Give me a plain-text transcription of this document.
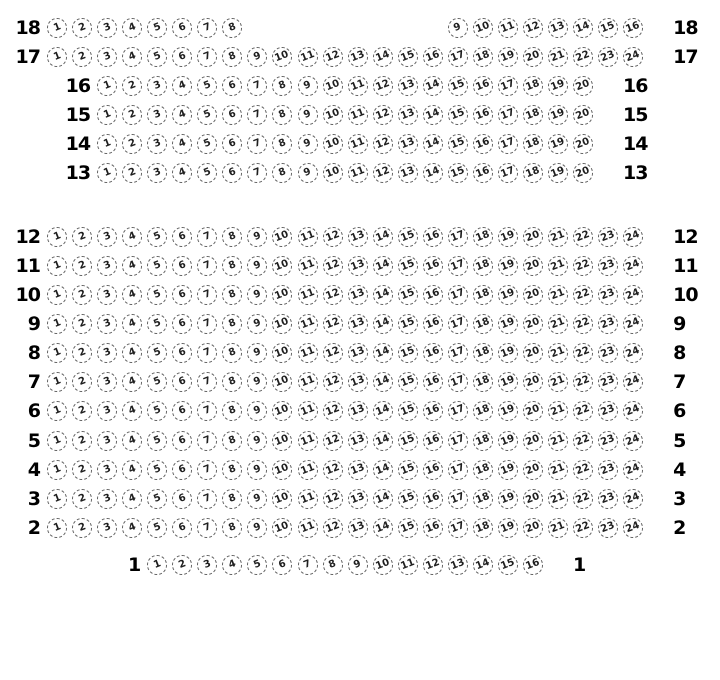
18 1 2 3 4 5 6 7 8	9 10 11 12 13 14 15 16 18
17 1 2 3 4 5 6 7 8 9 10 11 12 13 14 15 16 17 18 19 20 21 22 23 24 17
16 1 2 3 4 5 6 7 8 9 10 11 12 13 14 15 16 17 18 19 20 16
15 1 2 3 4 5 6 7 8 9 10 11 12 13 14 15 16 17 18 19 20 15
14 1 2 3 4 5 6 7 8 9 10 11 12 13 14 15 16 17 18 19 20 14
13 1 2 3 4 5 6 7 8 9 10 11 12 13 14 15 16 17 18 19 20 13
12 1 2 3 4 5 6 7 8 9 10 11 12 13 14 15 16 17 18 19 20 21 22 23 24 12
11 1 2 3 4 5 6 7 8 9 10 11 12 13 14 15 16 17 18 19 20 21 22 23 24 11
10 1 2 3 4 5 6 7 8 9 10 11 12 13 14 15 16 17 18 19 20 21 22 23 24 10
9 1 2 3 4 5 6 7 8 9 10 11 12 13 14 15 16 17 18 19 20 21 22 23 24 9
8 1 2 3 4 5 6 7 8 9 10 11 12 13 14 15 16 17 18 19 20 21 22 23 24 8
7 1 2 3 4 5 6 7 8 9 10 11 12 13 14 15 16 17 18 19 20 21 22 23 24 7
6 1 2 3 4 5 6 7 8 9 10 11 12 13 14 15 16 17 18 19 20 21 22 23 24 6
5 1 2 3 4 5 6 7 8 9 10 11 12 13 14 15 16 17 18 19 20 21 22 23 24 5
4 1 2 3 4 5 6 7 8 9 10 11 12 13 14 15 16 17 18 19 20 21 22 23 24 4
3 1 2 3 4 5 6 7 8 9 10 11 12 13 14 15 16 17 18 19 20 21 22 23 24 3
2 1 2 3 4 5 6 7 8 9 10 11 12 13 14 15 16 17 18 19 20 21 22 23 24 2
1 1 2 3 4 5 6 7 8 9 10 11 12 13 14 15 16 1
